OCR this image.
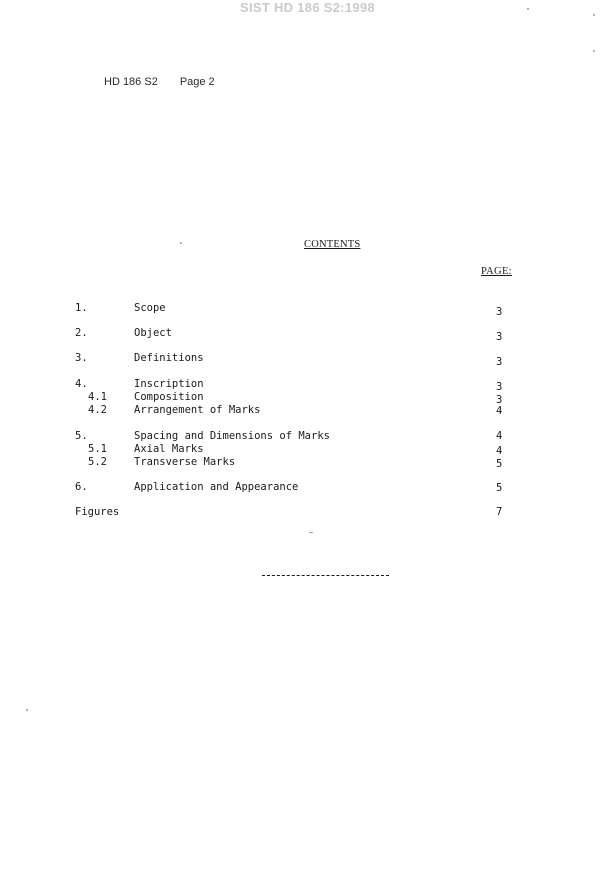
SIST HD 186 S2:1998
HD 186 S2 Page 2
CONTENTS
PAGE:
1.	Scope	3
2.	Object	3
3.	Definitions	3
4.	Inscription	3
4.1	Composition	3
4.2	Arrangement of Marks	4
5.	Spacing and Dimensions of Marks	4
5.1	Axial Marks	4
5.2	Transverse Marks	5
6.	Application and Appearance	5
Figures	7
